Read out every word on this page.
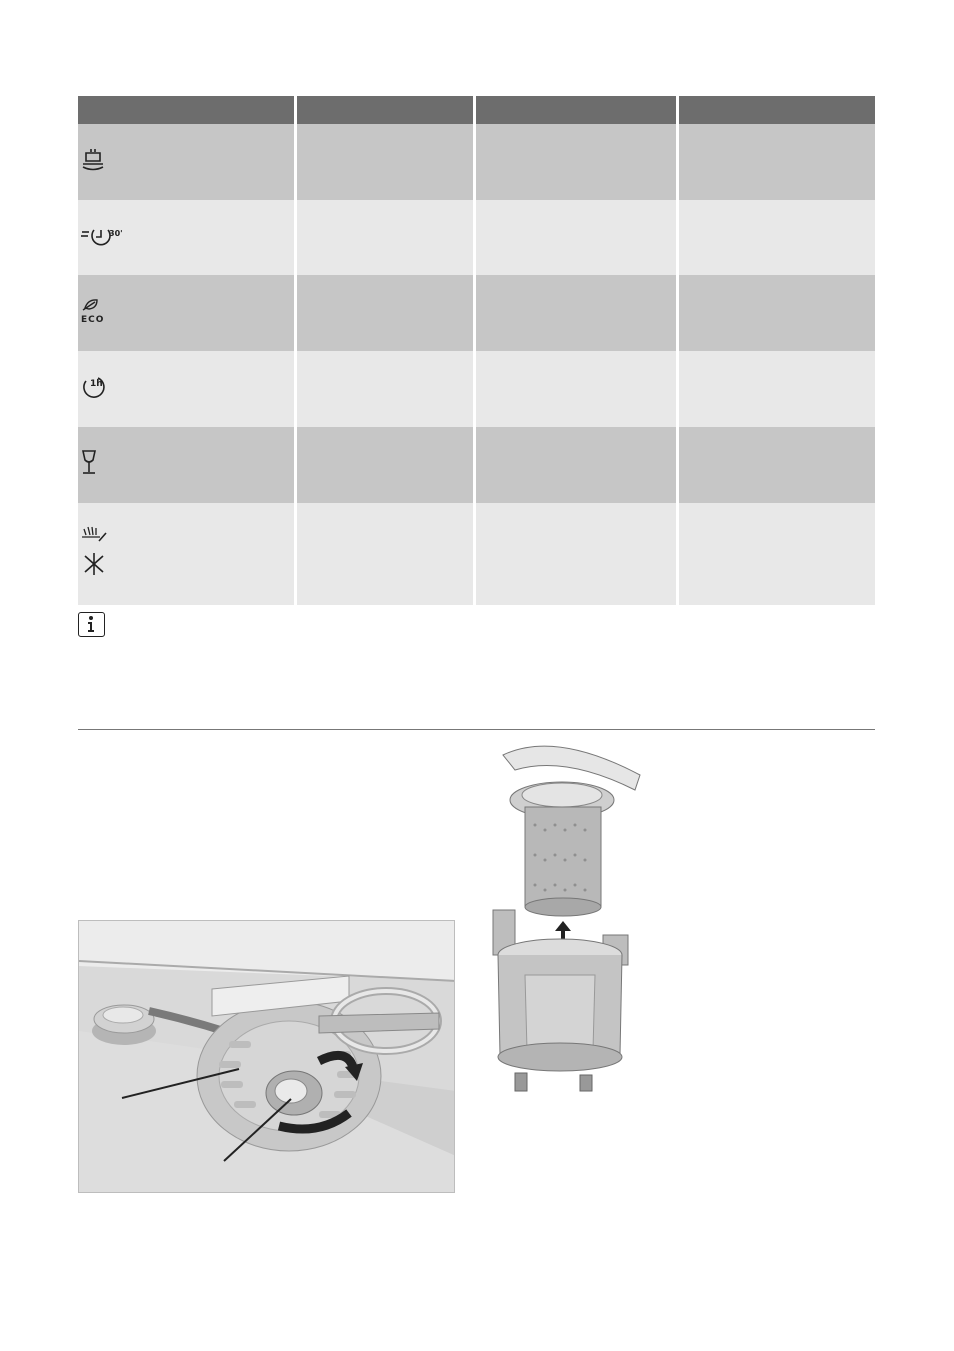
30'
ECO
1h
